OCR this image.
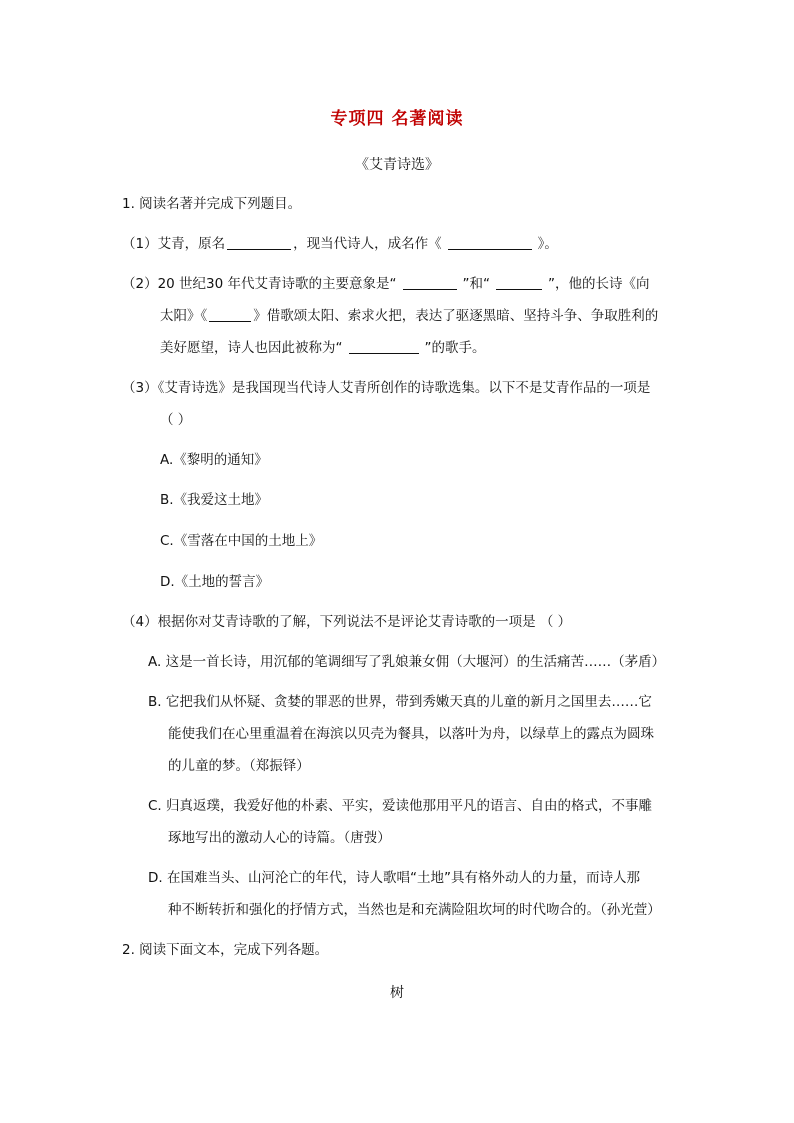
专项四 名著阅读
《艾青诗选》
1. 阅读名著并完成下列题目。
（1）艾青，原名	，现当代诗人，成名作《	》。
（2）20 世纪30 年代艾青诗歌的主要意象是“	”和“	”，他的长诗《向
太阳》《	》借歌颂太阳、索求火把，表达了驱逐黑暗、坚持斗争、争取胜利的
美好愿望，诗人也因此被称为“	”的歌手。
（3）《艾青诗选》是我国现当代诗人艾青所创作的诗歌选集。以下不是艾青作品的一项是
（ ）
A.《黎明的通知》
B.《我爱这土地》
C.《雪落在中国的土地上》
D.《土地的誓言》
（4）根据你对艾青诗歌的了解，下列说法不是评论艾青诗歌的一项是 （ ）
A. 这是一首长诗，用沉郁的笔调细写了乳娘兼女佣（大堰河）的生活痛苦……（茅盾）
B. 它把我们从怀疑、贪婪的罪恶的世界，带到秀嫩天真的儿童的新月之国里去……它
能使我们在心里重温着在海滨以贝壳为餐具，以落叶为舟，以绿草上的露点为圆珠
的儿童的梦。（郑振铎）
C. 归真返璞，我爱好他的朴素、平实，爱读他那用平凡的语言、自由的格式，不事雕
琢地写出的激动人心的诗篇。（唐弢）
D. 在国难当头、山河沦亡的年代，诗人歌唱“土地”具有格外动人的力量，而诗人那
种不断转折和强化的抒情方式，当然也是和充满险阻坎坷的时代吻合的。（孙光萱）
2. 阅读下面文本，完成下列各题。
树
